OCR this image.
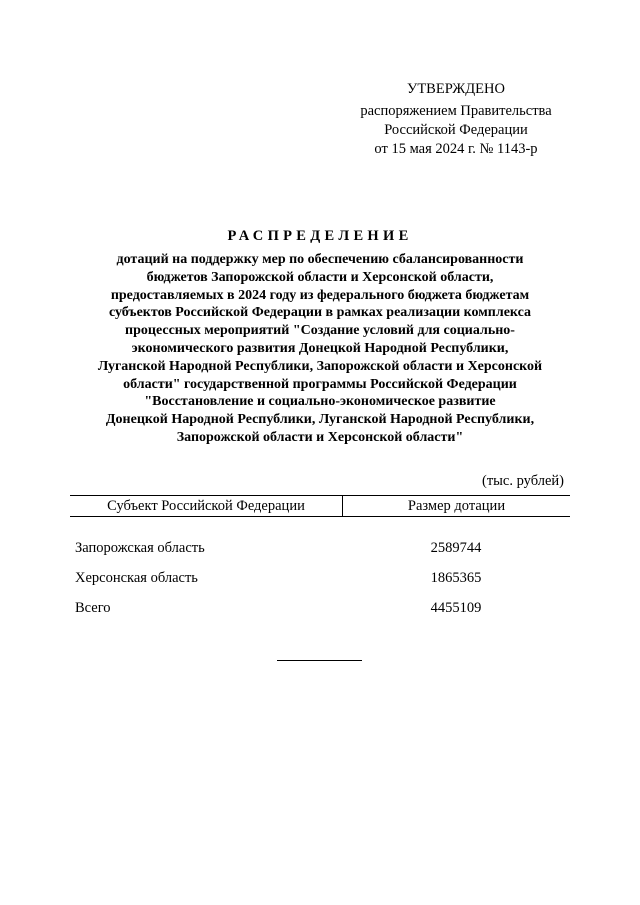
УТВЕРЖДЕНО
распоряжением Правительства
Российской Федерации
от 15 мая 2024 г. № 1143-р
РАСПРЕДЕЛЕНИЕ
дотаций на поддержку мер по обеспечению сбалансированности
бюджетов Запорожской области и Херсонской области,
предоставляемых в 2024 году из федерального бюджета бюджетам
субъектов Российской Федерации в рамках реализации комплекса
процессных мероприятий "Создание условий для социально-
экономического развития Донецкой Народной Республики,
Луганской Народной Республики, Запорожской области и Херсонской
области" государственной программы Российской Федерации
"Восстановление и социально-экономическое развитие
Донецкой Народной Республики, Луганской Народной Республики,
Запорожской области и Херсонской области"
(тыс. рублей)
Субъект Российской Федерации	Размер дотации
Запорожская область	2589744
Херсонская область	1865365
Всего	4455109
